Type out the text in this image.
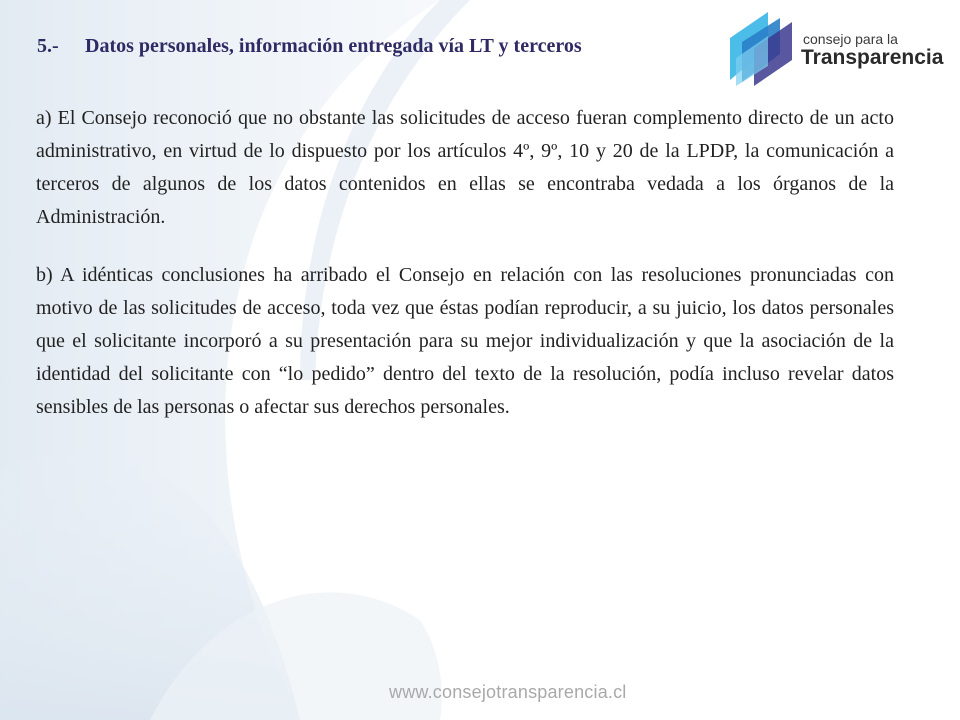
5.- Datos personales, información entregada vía LT y terceros	consejo para la
Transparencia

a) El Consejo reconoció que no obstante las solicitudes de acceso fueran complemento directo de un acto administrativo, en virtud de lo dispuesto por los artículos 4º, 9º, 10 y 20 de la LPDP, la comunicación a terceros de algunos de los datos contenidos en ellas se encontraba vedada a los órganos de la Administración.

b) A idénticas conclusiones ha arribado el Consejo en relación con las resoluciones pronunciadas con motivo de las solicitudes de acceso, toda vez que éstas podían reproducir, a su juicio, los datos personales que el solicitante incorporó a su presentación para su mejor individualización y que la asociación de la identidad del solicitante con “lo pedido” dentro del texto de la resolución, podía incluso revelar datos sensibles de las personas o afectar sus derechos personales.

www.consejotransparencia.cl
